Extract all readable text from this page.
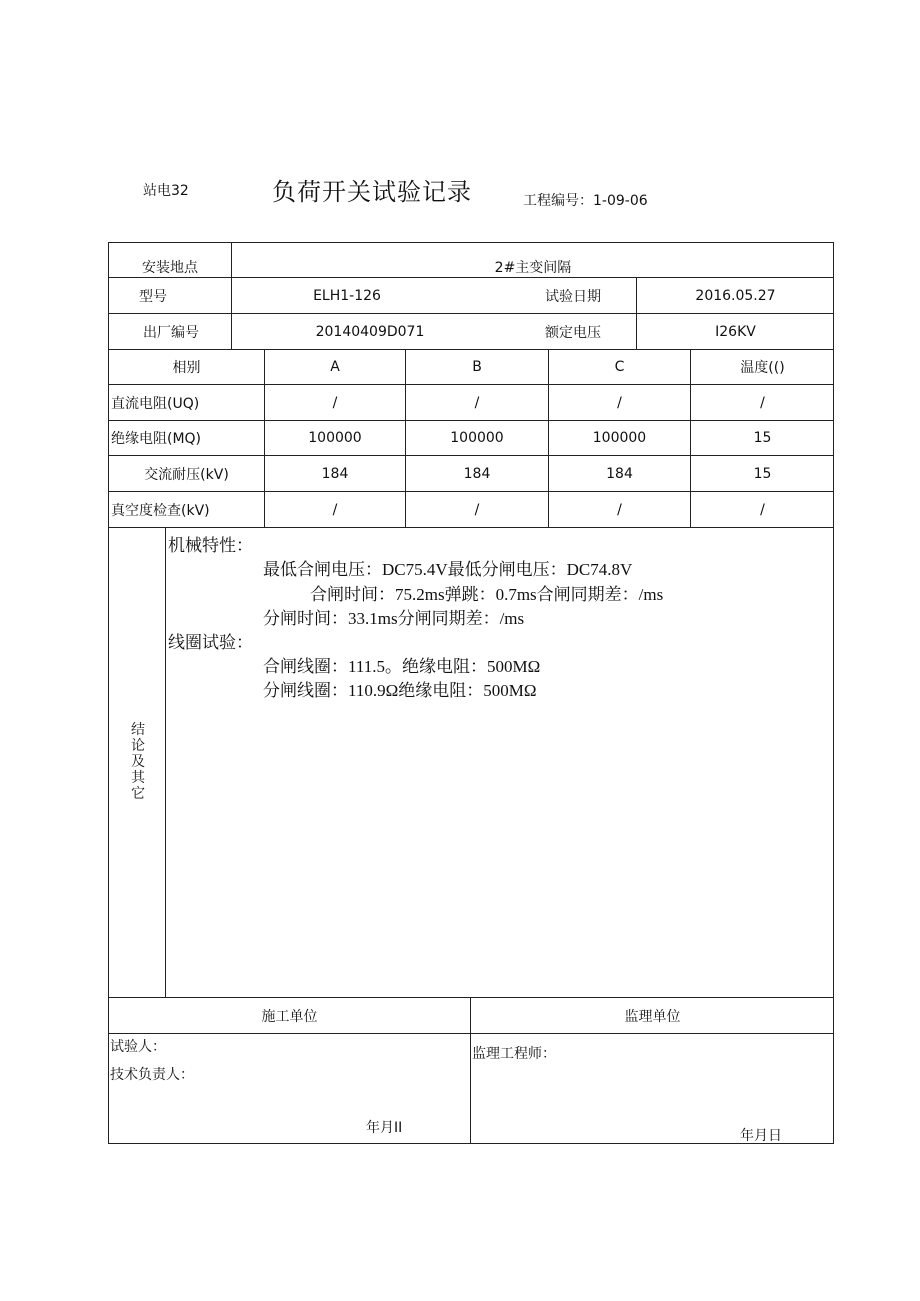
站电32	负荷开关试验记录	工程编号：1-09-06
安装地点	2#主变间隔
型号	ELH1-126	试验日期	2016.05.27
出厂编号	20140409D071	额定电压	I26KV
相别	A	B	C	温度(()
直流电阻(UQ)	/	/	/	/
绝缘电阻(MQ)	100000	100000	100000	15
交流耐压(kV)	184	184	184	15
真空度检查(kV)	/	/	/	/
结
论
及
其
它
机械特性：
最低合闸电压：DC75.4V最低分闸电压：DC74.8V
合闸时间：75.2ms弹跳：0.7ms合闸同期差：/ms
分闸时间：33.1ms分闸同期差：/ms
线圈试验：
合闸线圈：111.5。绝缘电阻：500MΩ
分闸线圈：110.9Ω绝缘电阻：500MΩ
施工单位	监理单位
试验人：
技术负责人：
年月II
监理工程师：
年月日
